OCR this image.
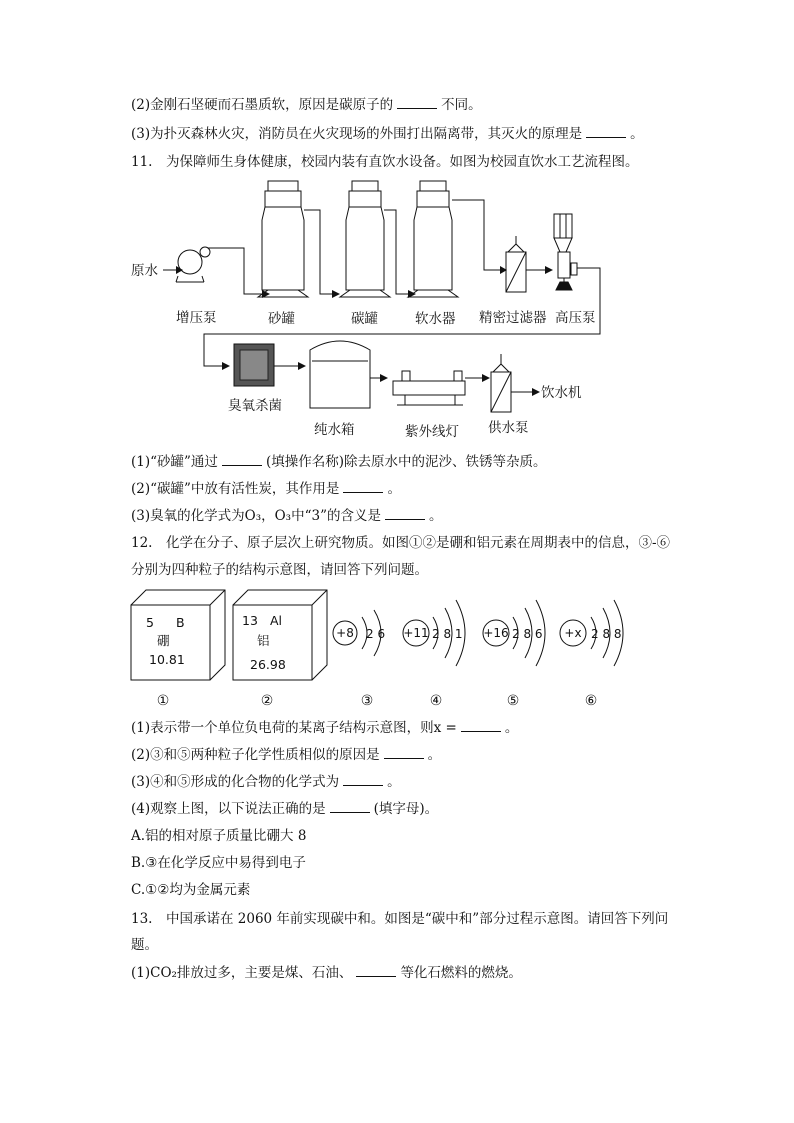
(2)金刚石坚硬而石墨质软，原因是碳原子的	不同。
(3)为扑灭森林火灾，消防员在火灾现场的外围打出隔离带，其灭火的原理是	。
11.　为保障师生身体健康，校园内装有直饮水设备。如图为校园直饮水工艺流程图。
原水
增压泵	砂罐	碳罐	软水器 精密过滤器 高压泵
臭氧杀菌
纯水箱	紫外线灯 供水泵
饮水机
(1)“砂罐”通过	(填操作名称)除去原水中的泥沙、铁锈等杂质。
(2)“碳罐”中放有活性炭，其作用是	。
(3)臭氧的化学式为O₃，O₃中“3”的含义是	。
12.　化学在分子、原子层次上研究物质。如图①②是硼和铝元素在周期表中的信息，③-⑥
分别为四种粒子的结构示意图，请回答下列问题。
5 B
硼
10.81
13 Al
铝
26.98
+8 2 6 +11 2 8 1 +16 2 8 6 +x 2 8 8
①	②	③	④	⑤	⑥
(1)表示带一个单位负电荷的某离子结构示意图，则x =	。
(2)③和⑤两种粒子化学性质相似的原因是	。
(3)④和⑤形成的化合物的化学式为	。
(4)观察上图，以下说法正确的是	(填字母)。
A.铝的相对原子质量比硼大 8
B.③在化学反应中易得到电子
C.①②均为金属元素
13.　中国承诺在 2060 年前实现碳中和。如图是“碳中和”部分过程示意图。请回答下列问
题。
(1)CO₂排放过多，主要是煤、石油、	等化石燃料的燃烧。
